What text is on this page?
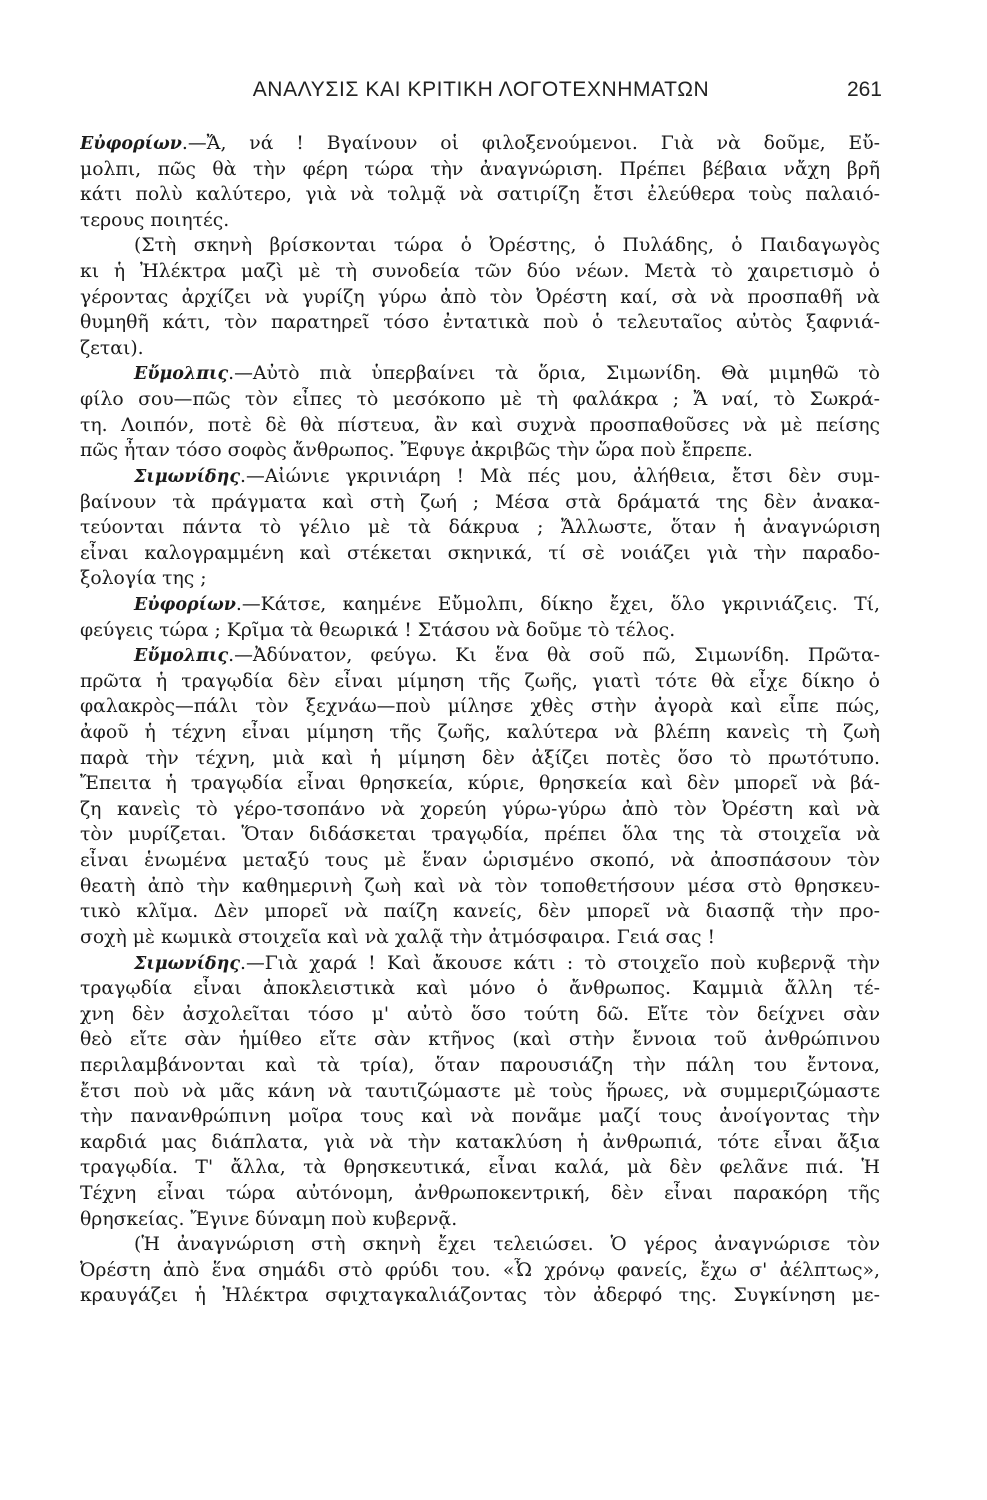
ΑΝΑΛΥΣΙΣ ΚΑΙ ΚΡΙΤΙΚΗ ΛΟΓΟΤΕΧΝΗΜΑΤΩΝ	261
Εὐφορίων.—Ἄ, νά ! Βγαίνουν οἱ φιλοξενούμενοι. Γιὰ νὰ δοῦμε, Εὔ-
μολπι, πῶς θὰ τὴν φέρη τώρα τὴν ἀναγνώριση. Πρέπει βέβαια νἄχη βρῆ
κάτι πολὺ καλύτερο, γιὰ νὰ τολμᾷ νὰ σατιρίζη ἔτσι ἐλεύθερα τοὺς παλαιό-
τερους ποιητές.
(Στὴ σκηνὴ βρίσκονται τώρα ὁ Ὀρέστης, ὁ Πυλάδης, ὁ Παιδαγωγὸς
κι ἡ Ἠλέκτρα μαζὶ μὲ τὴ συνοδεία τῶν δύο νέων. Μετὰ τὸ χαιρετισμὸ ὁ
γέροντας ἀρχίζει νὰ γυρίζη γύρω ἀπὸ τὸν Ὀρέστη καί, σὰ νὰ προσπαθῆ νὰ
θυμηθῆ κάτι, τὸν παρατηρεῖ τόσο ἐντατικὰ ποὺ ὁ τελευταῖος αὐτὸς ξαφνιά-
ζεται).
Εὔμολπις.—Αὐτὸ πιὰ ὑπερβαίνει τὰ ὅρια, Σιμωνίδη. Θὰ μιμηθῶ τὸ
φίλο σου—πῶς τὸν εἶπες τὸ μεσόκοπο μὲ τὴ φαλάκρα ; Ἄ ναί, τὸ Σωκρά-
τη. Λοιπόν, ποτὲ δὲ θὰ πίστευα, ἂν καὶ συχνὰ προσπαθοῦσες νὰ μὲ πείσης
πῶς ἦταν τόσο σοφὸς ἄνθρωπος. Ἔφυγε ἀκριβῶς τὴν ὥρα ποὺ ἔπρεπε.
Σιμωνίδης.—Αἰώνιε γκρινιάρη ! Μὰ πές μου, ἀλήθεια, ἔτσι δὲν συμ-
βαίνουν τὰ πράγματα καὶ στὴ ζωή ; Μέσα στὰ δράματά της δὲν ἀνακα-
τεύονται πάντα τὸ γέλιο μὲ τὰ δάκρυα ; Ἄλλωστε, ὅταν ἡ ἀναγνώριση
εἶναι καλογραμμένη καὶ στέκεται σκηνικά, τί σὲ νοιάζει γιὰ τὴν παραδο-
ξολογία της ;
Εὐφορίων.—Κάτσε, καημένε Εὔμολπι, δίκηο ἔχει, ὅλο γκρινιάζεις. Τί,
φεύγεις τώρα ; Κρῖμα τὰ θεωρικά ! Στάσου νὰ δοῦμε τὸ τέλος.
Εὔμολπις.—Ἀδύνατον, φεύγω. Κι ἕνα θὰ σοῦ πῶ, Σιμωνίδη. Πρῶτα-
πρῶτα ἡ τραγῳδία δὲν εἶναι μίμηση τῆς ζωῆς, γιατὶ τότε θὰ εἶχε δίκηο ὁ
φαλακρὸς—πάλι τὸν ξεχνάω—ποὺ μίλησε χθὲς στὴν ἀγορὰ καὶ εἶπε πώς,
ἀφοῦ ἡ τέχνη εἶναι μίμηση τῆς ζωῆς, καλύτερα νὰ βλέπη κανεὶς τὴ ζωὴ
παρὰ τὴν τέχνη, μιὰ καὶ ἡ μίμηση δὲν ἀξίζει ποτὲς ὅσο τὸ πρωτότυπο.
Ἔπειτα ἡ τραγῳδία εἶναι θρησκεία, κύριε, θρησκεία καὶ δὲν μπορεῖ νὰ βά-
ζη κανεὶς τὸ γέρο-τσοπάνο νὰ χορεύη γύρω-γύρω ἀπὸ τὸν Ὀρέστη καὶ νὰ
τὸν μυρίζεται. Ὅταν διδάσκεται τραγῳδία, πρέπει ὅλα της τὰ στοιχεῖα νὰ
εἶναι ἑνωμένα μεταξύ τους μὲ ἕναν ὡρισμένο σκοπό, νὰ ἀποσπάσουν τὸν
θεατὴ ἀπὸ τὴν καθημερινὴ ζωὴ καὶ νὰ τὸν τοποθετήσουν μέσα στὸ θρησκευ-
τικὸ κλῖμα. Δὲν μπορεῖ νὰ παίζη κανείς, δὲν μπορεῖ νὰ διασπᾷ τὴν προ-
σοχὴ μὲ κωμικὰ στοιχεῖα καὶ νὰ χαλᾷ τὴν ἀτμόσφαιρα. Γειά σας !
Σιμωνίδης.—Γιὰ χαρά ! Καὶ ἄκουσε κάτι : τὸ στοιχεῖο ποὺ κυβερνᾷ τὴν
τραγῳδία εἶναι ἀποκλειστικὰ καὶ μόνο ὁ ἄνθρωπος. Καμμιὰ ἄλλη τέ-
χνη δὲν ἀσχολεῖται τόσο μ' αὐτὸ ὅσο τούτη δῶ. Εἴτε τὸν δείχνει σὰν
θεὸ εἴτε σὰν ἡμίθεο εἴτε σὰν κτῆνος (καὶ στὴν ἔννοια τοῦ ἀνθρώπινου
περιλαμβάνονται καὶ τὰ τρία), ὅταν παρουσιάζη τὴν πάλη του ἔντονα,
ἔτσι ποὺ νὰ μᾶς κάνη νὰ ταυτιζώμαστε μὲ τοὺς ἥρωες, νὰ συμμεριζώμαστε
τὴν πανανθρώπινη μοῖρα τους καὶ νὰ πονᾶμε μαζί τους ἀνοίγοντας τὴν
καρδιά μας διάπλατα, γιὰ νὰ τὴν κατακλύση ἡ ἀνθρωπιά, τότε εἶναι ἄξια
τραγῳδία. Τ' ἄλλα, τὰ θρησκευτικά, εἶναι καλά, μὰ δὲν φελᾶνε πιά. Ἡ
Τέχνη εἶναι τώρα αὐτόνομη, ἀνθρωποκεντρική, δὲν εἶναι παρακόρη τῆς
θρησκείας. Ἔγινε δύναμη ποὺ κυβερνᾷ.
(Ἡ ἀναγνώριση στὴ σκηνὴ ἔχει τελειώσει. Ὁ γέρος ἀναγνώρισε τὸν
Ὀρέστη ἀπὸ ἕνα σημάδι στὸ φρύδι του. «Ὦ χρόνῳ φανείς, ἔχω σ' ἀέλπτως»,
κραυγάζει ἡ Ἠλέκτρα σφιχταγκαλιάζοντας τὸν ἀδερφό της. Συγκίνηση με-
